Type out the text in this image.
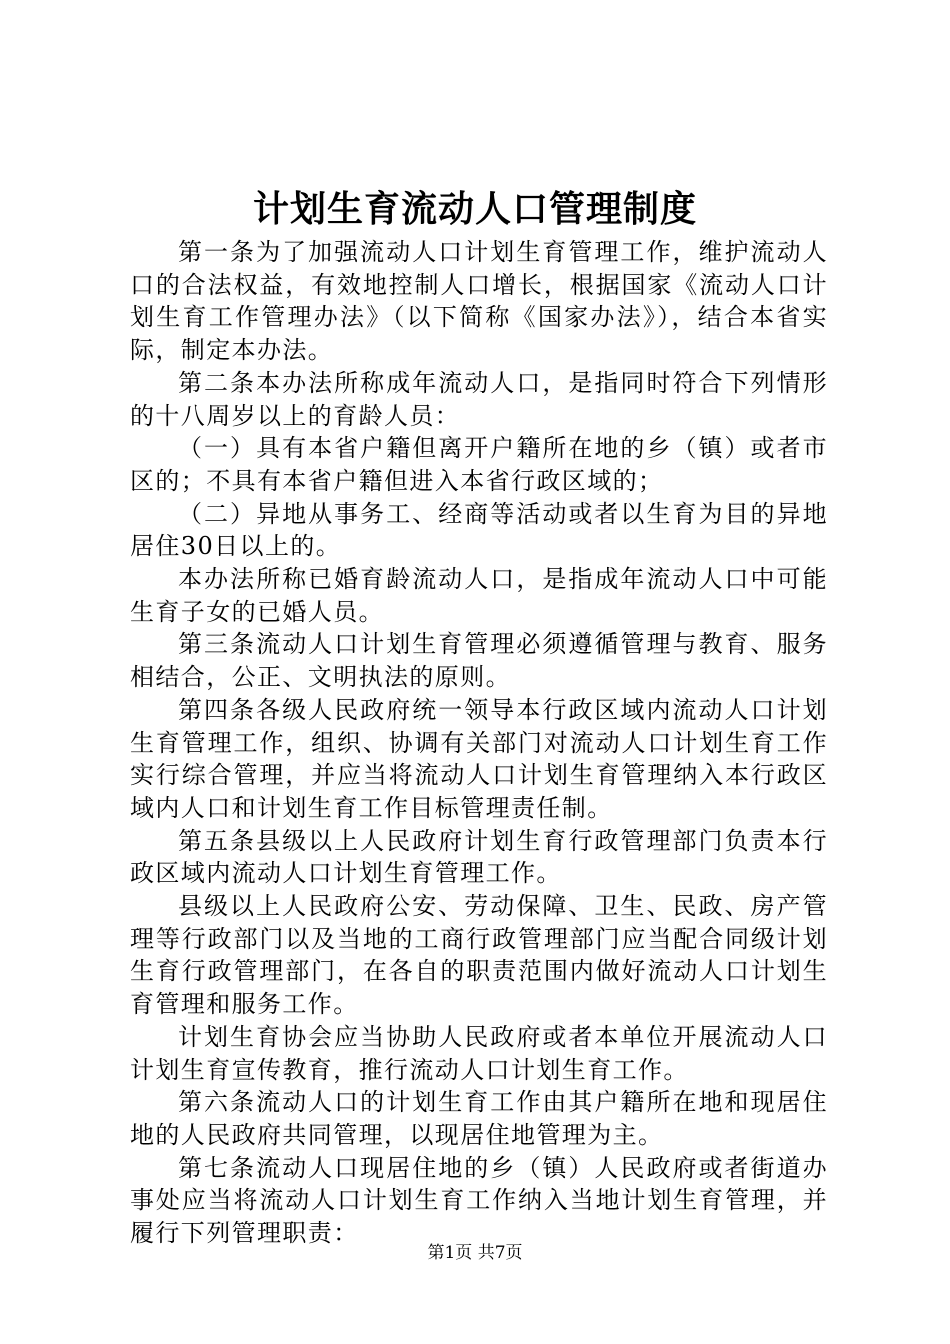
计划生育流动人口管理制度

第一条为了加强流动人口计划生育管理工作，维护流动人口的合法权益，有效地控制人口增长，根据国家《流动人口计划生育工作管理办法》（以下简称《国家办法》），结合本省实际，制定本办法。

第二条本办法所称成年流动人口，是指同时符合下列情形的十八周岁以上的育龄人员：

（一）具有本省户籍但离开户籍所在地的乡（镇）或者市区的；不具有本省户籍但进入本省行政区域的；

（二）异地从事务工、经商等活动或者以生育为目的异地居住30日以上的。

本办法所称已婚育龄流动人口，是指成年流动人口中可能生育子女的已婚人员。

第三条流动人口计划生育管理必须遵循管理与教育、服务相结合，公正、文明执法的原则。

第四条各级人民政府统一领导本行政区域内流动人口计划生育管理工作，组织、协调有关部门对流动人口计划生育工作实行综合管理，并应当将流动人口计划生育管理纳入本行政区域内人口和计划生育工作目标管理责任制。

第五条县级以上人民政府计划生育行政管理部门负责本行政区域内流动人口计划生育管理工作。

县级以上人民政府公安、劳动保障、卫生、民政、房产管理等行政部门以及当地的工商行政管理部门应当配合同级计划生育行政管理部门，在各自的职责范围内做好流动人口计划生育管理和服务工作。

计划生育协会应当协助人民政府或者本单位开展流动人口计划生育宣传教育，推行流动人口计划生育工作。

第六条流动人口的计划生育工作由其户籍所在地和现居住地的人民政府共同管理，以现居住地管理为主。

第七条流动人口现居住地的乡（镇）人民政府或者街道办事处应当将流动人口计划生育工作纳入当地计划生育管理，并履行下列管理职责：

第1页 共7页
